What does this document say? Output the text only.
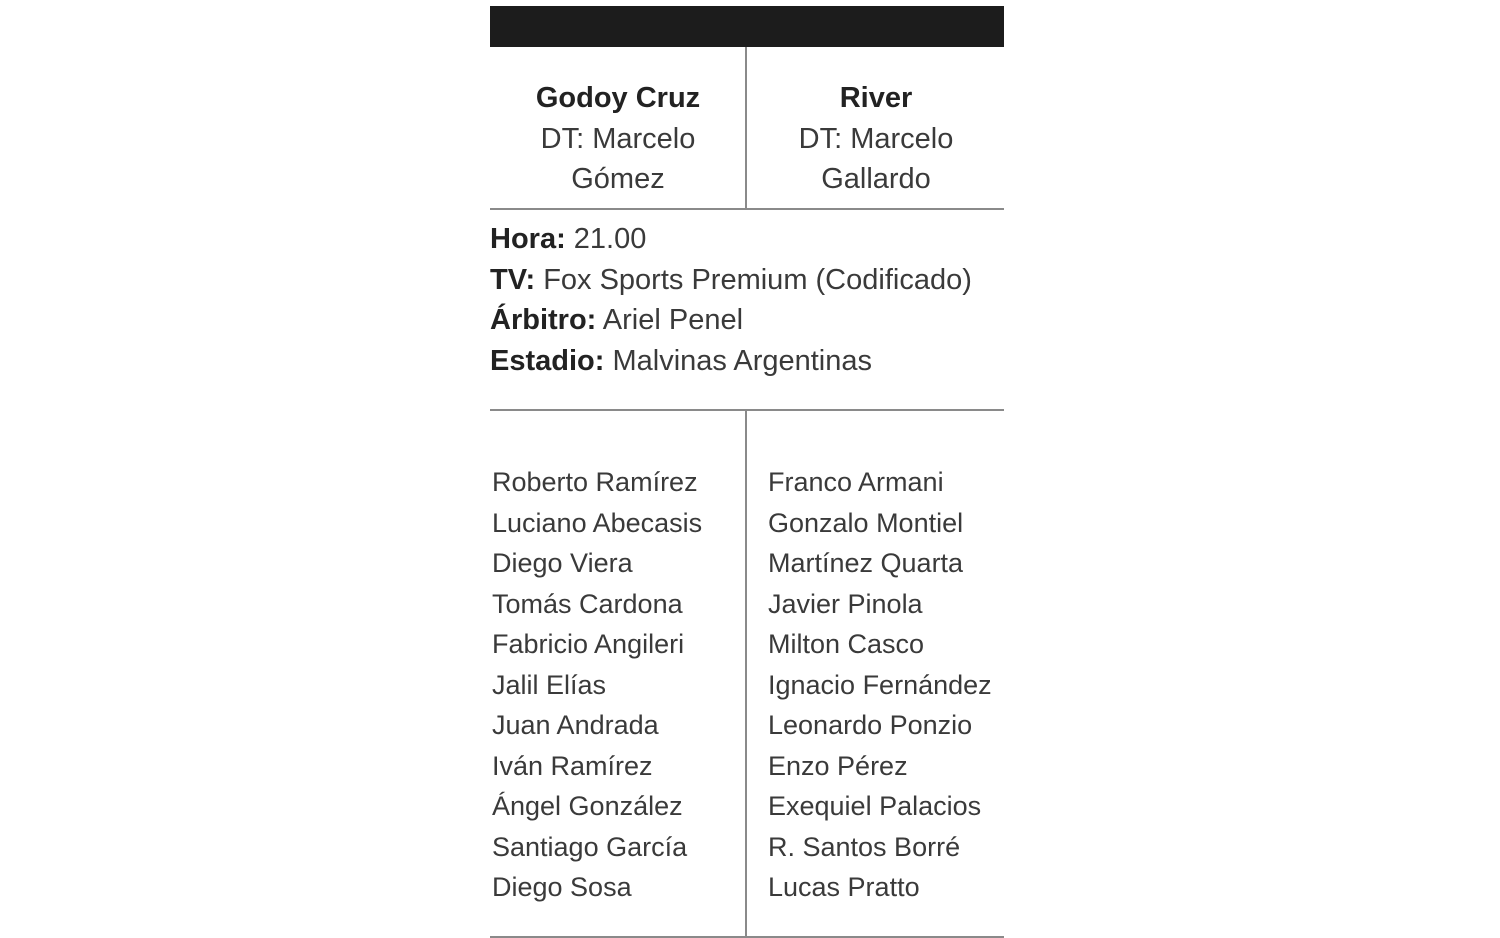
Godoy Cruz
DT: Marcelo Gómez
River
DT: Marcelo Gallardo
Hora: 21.00
TV: Fox Sports Premium (Codificado)
Árbitro: Ariel Penel
Estadio: Malvinas Argentinas
Roberto Ramírez
Luciano Abecasis
Diego Viera
Tomás Cardona
Fabricio Angileri
Jalil Elías
Juan Andrada
Iván Ramírez
Ángel González
Santiago García
Diego Sosa
Franco Armani
Gonzalo Montiel
Martínez Quarta
Javier Pinola
Milton Casco
Ignacio Fernández
Leonardo Ponzio
Enzo Pérez
Exequiel Palacios
R. Santos Borré
Lucas Pratto
